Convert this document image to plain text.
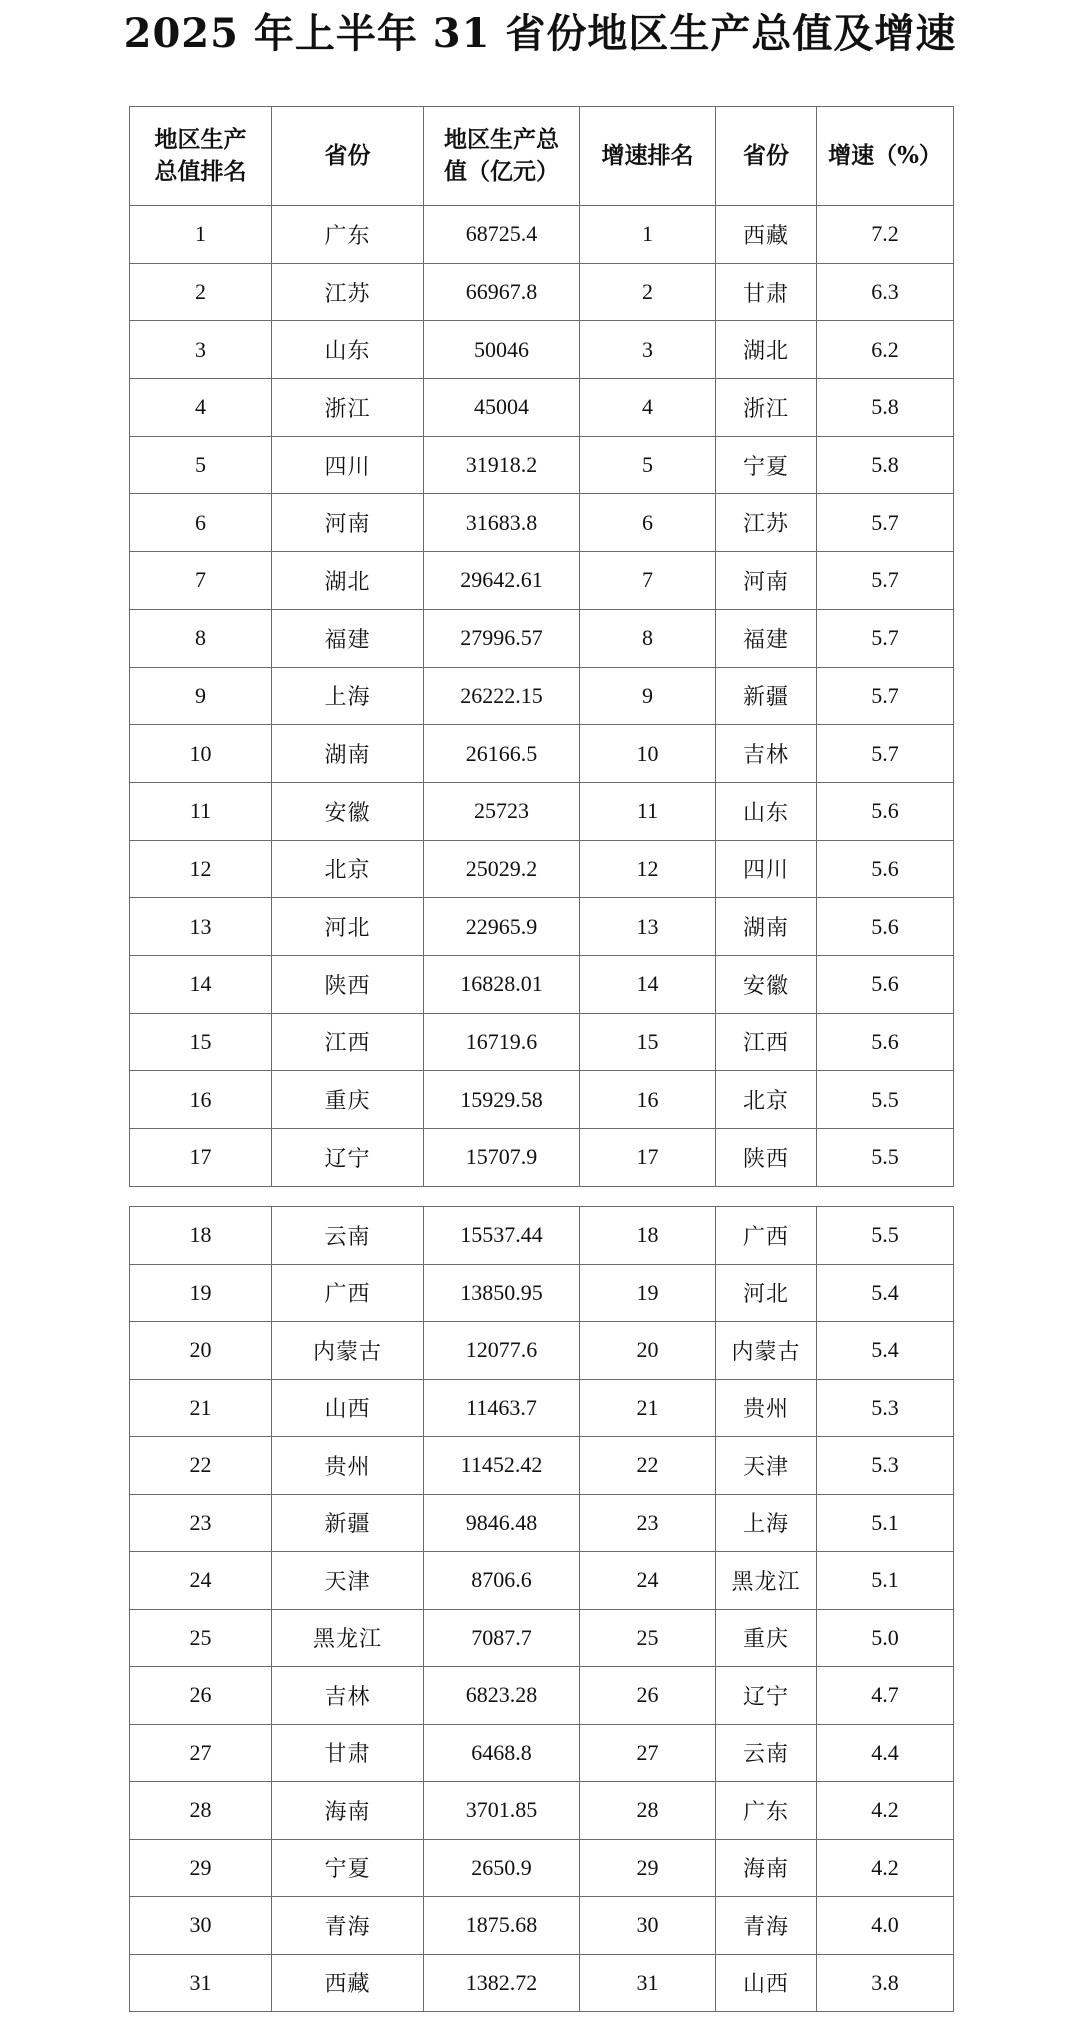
2025 年上半年 31 省份地区生产总值及增速
地区生产总值排名	省份	地区生产总值（亿元）	增速排名	省份	增速（%）
1	广东	68725.4	1	西藏	7.2
2	江苏	66967.8	2	甘肃	6.3
3	山东	50046	3	湖北	6.2
4	浙江	45004	4	浙江	5.8
5	四川	31918.2	5	宁夏	5.8
6	河南	31683.8	6	江苏	5.7
7	湖北	29642.61	7	河南	5.7
8	福建	27996.57	8	福建	5.7
9	上海	26222.15	9	新疆	5.7
10	湖南	26166.5	10	吉林	5.7
11	安徽	25723	11	山东	5.6
12	北京	25029.2	12	四川	5.6
13	河北	22965.9	13	湖南	5.6
14	陕西	16828.01	14	安徽	5.6
15	江西	16719.6	15	江西	5.6
16	重庆	15929.58	16	北京	5.5
17	辽宁	15707.9	17	陕西	5.5
18	云南	15537.44	18	广西	5.5
19	广西	13850.95	19	河北	5.4
20	内蒙古	12077.6	20	内蒙古	5.4
21	山西	11463.7	21	贵州	5.3
22	贵州	11452.42	22	天津	5.3
23	新疆	9846.48	23	上海	5.1
24	天津	8706.6	24	黑龙江	5.1
25	黑龙江	7087.7	25	重庆	5.0
26	吉林	6823.28	26	辽宁	4.7
27	甘肃	6468.8	27	云南	4.4
28	海南	3701.85	28	广东	4.2
29	宁夏	2650.9	29	海南	4.2
30	青海	1875.68	30	青海	4.0
31	西藏	1382.72	31	山西	3.8
